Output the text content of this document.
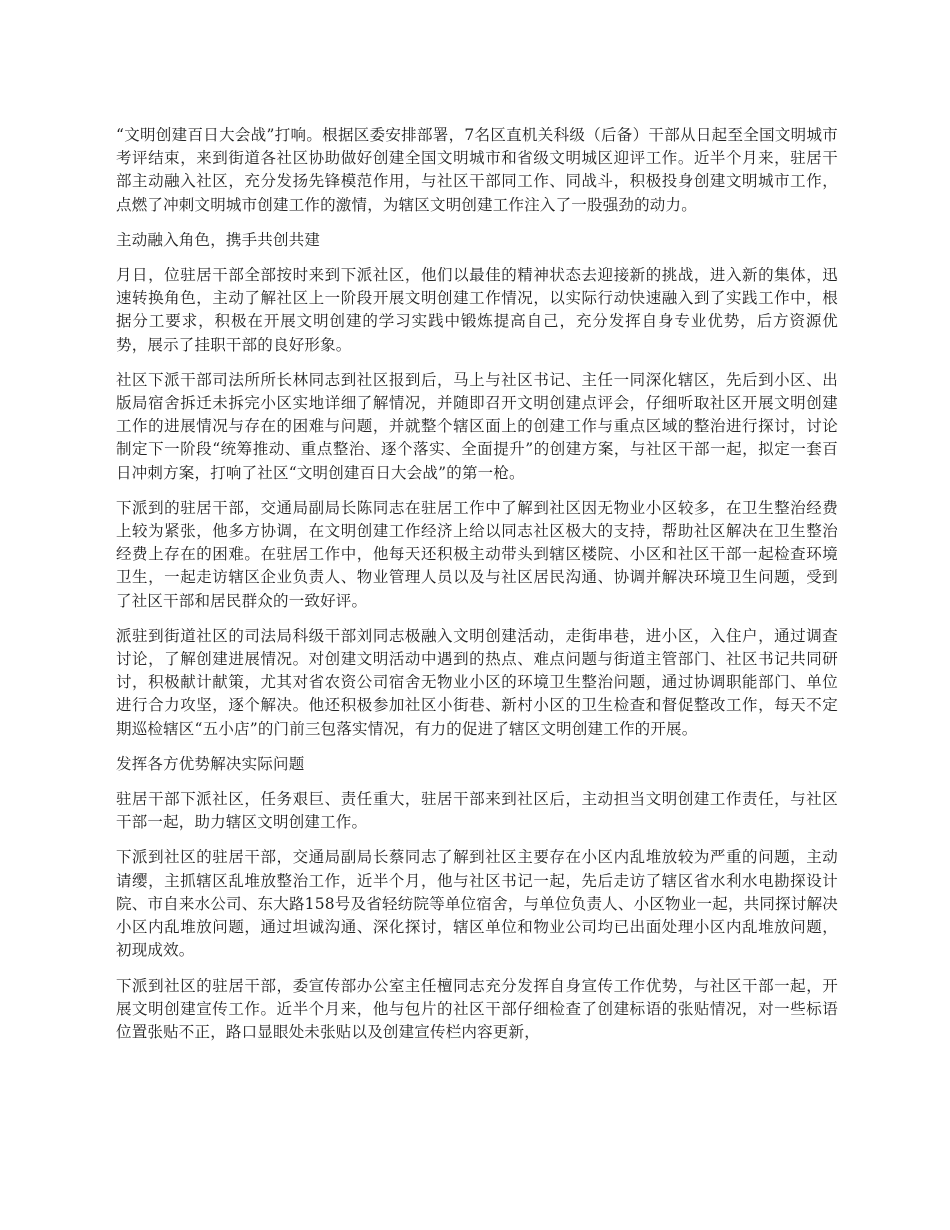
“文明创建百日大会战”打响。根据区委安排部署，7名区直机关科级（后备）干部从日起至全国文明城市考评结束，来到街道各社区协助做好创建全国文明城市和省级文明城区迎评工作。近半个月来，驻居干部主动融入社区，充分发扬先锋模范作用，与社区干部同工作、同战斗，积极投身创建文明城市工作，点燃了冲刺文明城市创建工作的激情，为辖区文明创建工作注入了一股强劲的动力。

主动融入角色，携手共创共建

月日，位驻居干部全部按时来到下派社区，他们以最佳的精神状态去迎接新的挑战，进入新的集体，迅速转换角色，主动了解社区上一阶段开展文明创建工作情况，以实际行动快速融入到了实践工作中，根据分工要求，积极在开展文明创建的学习实践中锻炼提高自己，充分发挥自身专业优势，后方资源优势，展示了挂职干部的良好形象。

社区下派干部司法所所长林同志到社区报到后，马上与社区书记、主任一同深化辖区，先后到小区、出版局宿舍拆迁未拆完小区实地详细了解情况，并随即召开文明创建点评会，仔细听取社区开展文明创建工作的进展情况与存在的困难与问题，并就整个辖区面上的创建工作与重点区域的整治进行探讨，讨论制定下一阶段“统筹推动、重点整治、逐个落实、全面提升”的创建方案，与社区干部一起，拟定一套百日冲刺方案，打响了社区“文明创建百日大会战”的第一枪。

下派到的驻居干部，交通局副局长陈同志在驻居工作中了解到社区因无物业小区较多，在卫生整治经费上较为紧张，他多方协调，在文明创建工作经济上给以同志社区极大的支持，帮助社区解决在卫生整治经费上存在的困难。在驻居工作中，他每天还积极主动带头到辖区楼院、小区和社区干部一起检查环境卫生，一起走访辖区企业负责人、物业管理人员以及与社区居民沟通、协调并解决环境卫生问题，受到了社区干部和居民群众的一致好评。

派驻到街道社区的司法局科级干部刘同志极融入文明创建活动，走街串巷，进小区，入住户，通过调查讨论，了解创建进展情况。对创建文明活动中遇到的热点、难点问题与街道主管部门、社区书记共同研讨，积极献计献策，尤其对省农资公司宿舍无物业小区的环境卫生整治问题，通过协调职能部门、单位进行合力攻坚，逐个解决。他还积极参加社区小街巷、新村小区的卫生检查和督促整改工作，每天不定期巡检辖区“五小店”的门前三包落实情况，有力的促进了辖区文明创建工作的开展。

发挥各方优势解决实际问题

驻居干部下派社区，任务艰巨、责任重大，驻居干部来到社区后，主动担当文明创建工作责任，与社区干部一起，助力辖区文明创建工作。

下派到社区的驻居干部，交通局副局长蔡同志了解到社区主要存在小区内乱堆放较为严重的问题，主动请缨，主抓辖区乱堆放整治工作，近半个月，他与社区书记一起，先后走访了辖区省水利水电勘探设计院、市自来水公司、东大路158号及省轻纺院等单位宿舍，与单位负责人、小区物业一起，共同探讨解决小区内乱堆放问题，通过坦诚沟通、深化探讨，辖区单位和物业公司均已出面处理小区内乱堆放问题，初现成效。

下派到社区的驻居干部，委宣传部办公室主任檀同志充分发挥自身宣传工作优势，与社区干部一起，开展文明创建宣传工作。近半个月来，他与包片的社区干部仔细检查了创建标语的张贴情况，对一些标语位置张贴不正，路口显眼处未张贴以及创建宣传栏内容更新，
